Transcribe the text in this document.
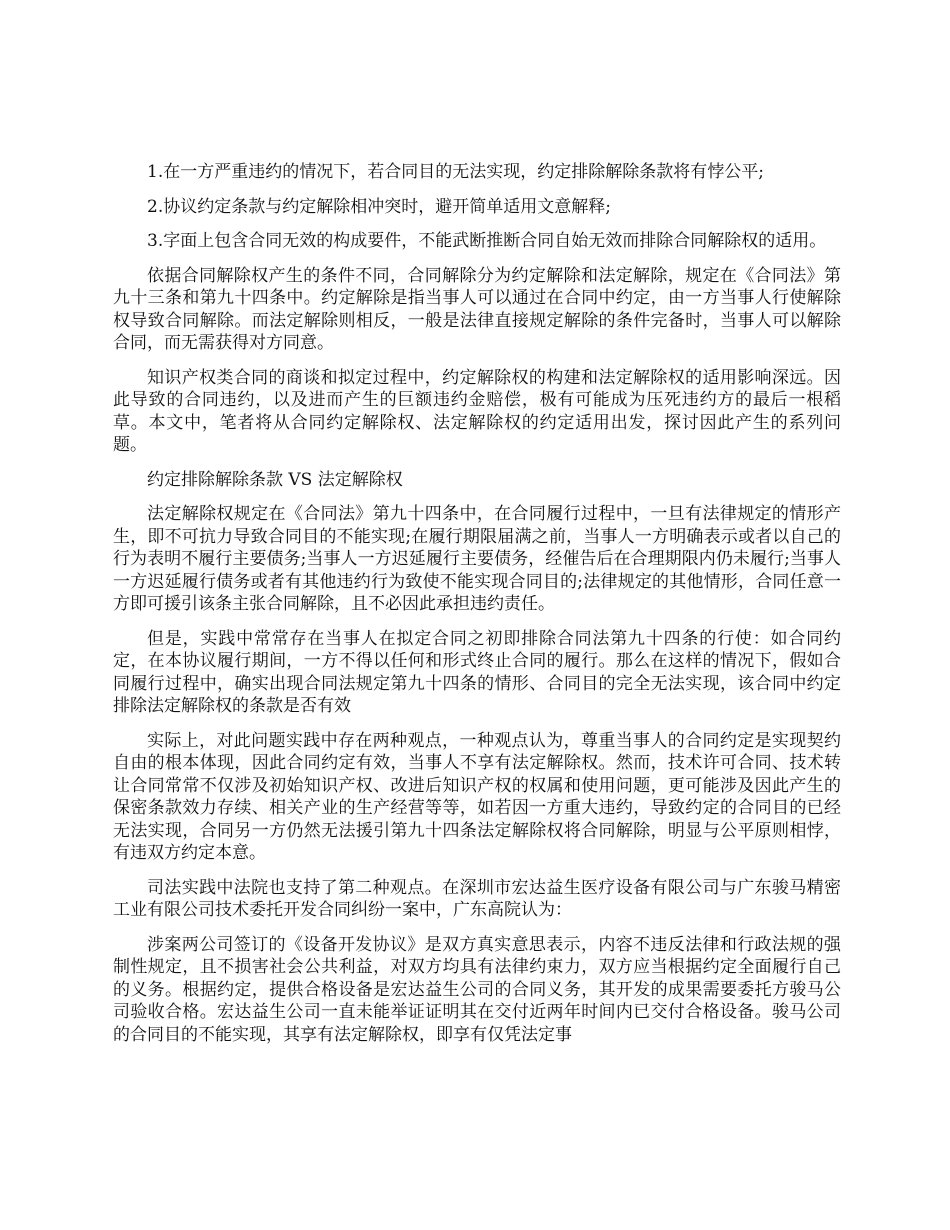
1.在一方严重违约的情况下，若合同目的无法实现，约定排除解除条款将有悖公平;

2.协议约定条款与约定解除相冲突时，避开简单适用文意解释;

3.字面上包含合同无效的构成要件，不能武断推断合同自始无效而排除合同解除权的适用。

依据合同解除权产生的条件不同，合同解除分为约定解除和法定解除，规定在《合同法》第九十三条和第九十四条中。约定解除是指当事人可以通过在合同中约定，由一方当事人行使解除权导致合同解除。而法定解除则相反，一般是法律直接规定解除的条件完备时，当事人可以解除合同，而无需获得对方同意。

知识产权类合同的商谈和拟定过程中，约定解除权的构建和法定解除权的适用影响深远。因此导致的合同违约，以及进而产生的巨额违约金赔偿，极有可能成为压死违约方的最后一根稻草。本文中，笔者将从合同约定解除权、法定解除权的约定适用出发，探讨因此产生的系列问题。

约定排除解除条款 VS 法定解除权

法定解除权规定在《合同法》第九十四条中，在合同履行过程中，一旦有法律规定的情形产生，即不可抗力导致合同目的不能实现;在履行期限届满之前，当事人一方明确表示或者以自己的行为表明不履行主要债务;当事人一方迟延履行主要债务，经催告后在合理期限内仍未履行;当事人一方迟延履行债务或者有其他违约行为致使不能实现合同目的;法律规定的其他情形，合同任意一方即可援引该条主张合同解除，且不必因此承担违约责任。

但是，实践中常常存在当事人在拟定合同之初即排除合同法第九十四条的行使：如合同约定，在本协议履行期间，一方不得以任何和形式终止合同的履行。那么在这样的情况下，假如合同履行过程中，确实出现合同法规定第九十四条的情形、合同目的完全无法实现，该合同中约定排除法定解除权的条款是否有效

实际上，对此问题实践中存在两种观点，一种观点认为，尊重当事人的合同约定是实现契约自由的根本体现，因此合同约定有效，当事人不享有法定解除权。然而，技术许可合同、技术转让合同常常不仅涉及初始知识产权、改进后知识产权的权属和使用问题，更可能涉及因此产生的保密条款效力存续、相关产业的生产经营等等，如若因一方重大违约，导致约定的合同目的已经无法实现，合同另一方仍然无法援引第九十四条法定解除权将合同解除，明显与公平原则相悖，有违双方约定本意。

司法实践中法院也支持了第二种观点。在深圳市宏达益生医疗设备有限公司与广东骏马精密工业有限公司技术委托开发合同纠纷一案中，广东高院认为：

涉案两公司签订的《设备开发协议》是双方真实意思表示，内容不违反法律和行政法规的强制性规定，且不损害社会公共利益，对双方均具有法律约束力，双方应当根据约定全面履行自己的义务。根据约定，提供合格设备是宏达益生公司的合同义务，其开发的成果需要委托方骏马公司验收合格。宏达益生公司一直未能举证证明其在交付近两年时间内已交付合格设备。骏马公司的合同目的不能实现，其享有法定解除权，即享有仅凭法定事
